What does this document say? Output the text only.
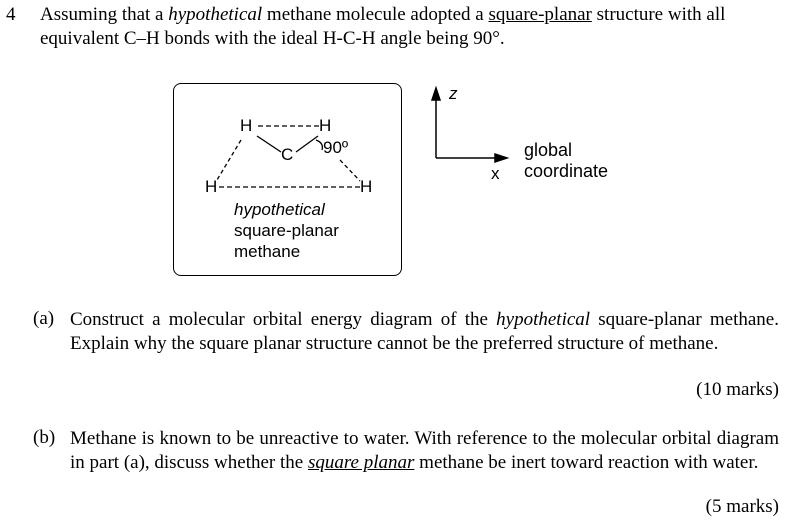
4 Assuming that a hypothetical methane molecule adopted a square-planar structure with all
equivalent C–H bonds with the ideal H-C-H angle being 90°.
H	H
C 90º
H	H
hypothetical
square-planar
methane
z
x
global
coordinate
(a) Construct a molecular orbital energy diagram of the hypothetical square-planar methane. Explain why the square planar structure cannot be the preferred structure of methane.
(10 marks)
(b) Methane is known to be unreactive to water. With reference to the molecular orbital diagram in part (a), discuss whether the square planar methane be inert toward reaction with water.
(5 marks)
